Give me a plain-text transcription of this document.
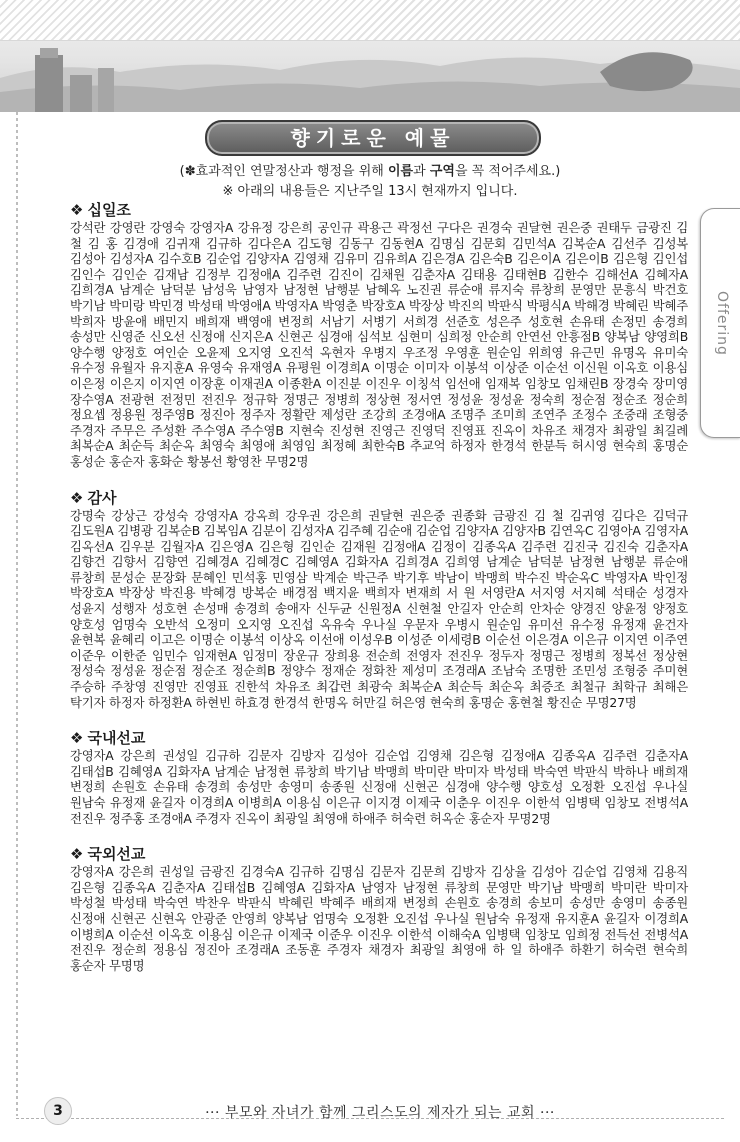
Offering
향기로운 예물
(✽효과적인 연말정산과 행정을 위해 이름과 구역을 꼭 적어주세요.)
※ 아래의 내용들은 지난주일 13시 현재까지 입니다.
❖ 십일조

강석란 강영란 강영숙 강영자A 강유정 강은희 공인규 곽용근 곽정선 구다은 권경숙 권달현 권은중 권태두 금광진 김 철 김 홍 김경애 김귀재 김규하 김다은A 김도형 김동구 김동현A 김명심 김문회 김민석A 김복순A 김선주 김성복 김성아 김성자A 김수호B 김순업 김양자A 김영채 김유미 김유희A 김은경A 김은숙B 김은이A 김은이B 김은형 김인섭 김인수 김인순 김재남 김정부 김정애A 김주련 김진이 김채원 김춘자A 김태용 김태현B 김한수 김해선A 김혜자A 김희경A 남계순 남덕분 남성욱 남영자 남정현 남행분 남혜옥 노진권 류순애 류지숙 류창희 문영만 문흥식 박건호 박기남 박미랑 박민경 박성태 박영애A 박영자A 박영춘 박장호A 박장상 박진의 박판식 박평식A 박해경 박혜린 박혜주 박희자 방윤애 배민지 배희재 백영애 변정희 서남기 서병기 서희경 선준호 성은주 성호현 손유태 손정민 송경희 송성만 신영준 신오선 신정애 신지은A 신현곤 심경애 심석보 심현미 심희정 안순희 안연선 안흥점B 양복남 양영희B 양수행 양정호 여인순 오윤제 오지영 오진석 옥현자 우병지 우조정 우영훈 원순임 위희영 유근민 유명옥 유미숙 유수정 유월자 유지훈A 유영숙 유재영A 유평원 이경희A 이명순 이미자 이봉석 이상준 이순선 이신원 이옥호 이용심 이은정 이은지 이지연 이장훈 이재권A 이종환A 이진분 이진우 이칭석 임선애 임재복 임창모 임채린B 장경숙 장미영 장수영A 전광현 전정민 전진우 정규학 정명근 정병희 정상현 정서연 정성윤 정성윤 정숙희 정순점 정순조 정순희 정요셉 정용원 정주영B 정진아 정주자 정활란 제성란 조강희 조경애A 조명주 조미희 조연주 조정수 조중래 조형중 주경자 주무은 주성환 주수영A 주수영B 지현숙 진성현 진영근 진영덕 진영표 진옥이 차유조 채경자 최광일 최길례 최복순A 최순득 최순옥 최영숙 최영애 최영임 최정혜 최한숙B 추교억 하정자 한경석 한분득 허시영 현숙희 홍명순 홍성순 홍순자 홍화순 황봉선 황영찬 무명2명

❖ 감사

강명숙 강상근 강성숙 강영자A 강옥희 강우권 강은희 권달현 권은중 권종화 금광진 김 철 김귀영 김다은 김덕규 김도원A 김병광 김복순B 김복임A 김분이 김성자A 김주혜 김순애 김순업 김양자A 김양자B 김연옥C 김영아A 김영자A 김옥선A 김우분 김월자A 김은영A 김은형 김인순 김재원 김정애A 김정이 김종옥A 김주련 김진국 김진숙 김춘자A 김향건 김향서 김향연 김혜경A 김혜경C 김혜영A 김화자A 김희경A 김희영 남계순 남덕분 남정현 남행분 류순애 류창희 문성순 문장화 문혜인 민석홍 민영삼 박계순 박근주 박기후 박남이 박맹희 박수진 박순옥C 박영자A 박인정 박장호A 박장상 박진용 박혜경 방복순 배경점 백지윤 백희자 변재희 서 원 서영란A 서지영 서지혜 석태순 성경자 성윤지 성행자 성호현 손성매 송경희 송애자 신두균 신원정A 신현철 안길자 안순희 안차순 양경진 양윤정 양정호 양호성 엄명숙 오반석 오정미 오지영 오진섭 옥유숙 우나실 우문자 우병시 원순임 유미선 유수정 유정재 윤건자 윤현복 윤혜리 이고은 이명순 이봉석 이상옥 이선애 이성우B 이성준 이세령B 이순선 이은경A 이은규 이지연 이주연 이준우 이한준 임민수 임재현A 임정미 장운규 장희용 전순희 전영자 전진우 정두자 정명근 정병희 정복선 정상현 정성숙 정성윤 정순점 정순조 정순희B 정양수 정재순 정화찬 제성미 조경래A 조남숙 조명한 조민성 조형중 주미현 주승하 주창영 진영만 진영표 진한석 차유조 최갑련 최광숙 최복순A 최순득 최순옥 최증조 최철규 최학규 최해은 탁기자 하정자 하정환A 하현빈 하효경 한경석 한명옥 허만길 허은영 현숙희 홍명순 홍현철 황진순 무명27명

❖ 국내선교

강영자A 강은희 권성일 김규하 김문자 김방자 김성아 김순업 김영채 김은형 김정애A 김종옥A 김주련 김춘자A 김태섭B 김혜영A 김화자A 남계순 남정현 류창희 박기남 박맹희 박미란 박미자 박성태 박숙연 박판식 박하나 배희재 변정희 손원호 손유태 송경희 송성만 송영미 송종원 신정애 신현곤 심경애 양수행 양호성 오정환 오진섭 우나실 원남숙 유정재 윤길자 이경희A 이병희A 이용심 이은규 이지경 이제국 이춘우 이진우 이한석 임병택 임창모 전병석A 전진우 정주홍 조경애A 주경자 진옥이 최광일 최영애 하애주 허숙련 허옥순 홍순자 무명2명

❖ 국외선교

강영자A 강은희 권성일 금광진 김경숙A 김규하 김명심 김문자 김문희 김방자 김상율 김성아 김순업 김영채 김용직 김은형 김종옥A 김춘자A 김태섭B 김혜영A 김화자A 남영자 남정현 류창희 문영만 박기남 박맹희 박미란 박미자 박성철 박성태 박숙연 박찬우 박판식 박혜린 박혜주 배희재 변정희 손원호 송경희 송보미 송성만 송영미 송종원 신정애 신현곤 신현옥 안광준 안영희 양복남 엄명숙 오정환 오진섭 우나실 원남숙 유정재 유지훈A 윤길자 이경희A 이병희A 이순선 이옥호 이용심 이은규 이제국 이준우 이진우 이한석 이해숙A 임병택 임창모 임희정 전득선 전병석A 전진우 정순희 정용심 정진아 조경래A 조동훈 주경자 채경자 최광일 최영애 하 일 하애주 하환기 허숙련 현숙희 홍순자 무명명

3	··· 부모와 자녀가 함께 그리스도의 제자가 되는 교회 ···
